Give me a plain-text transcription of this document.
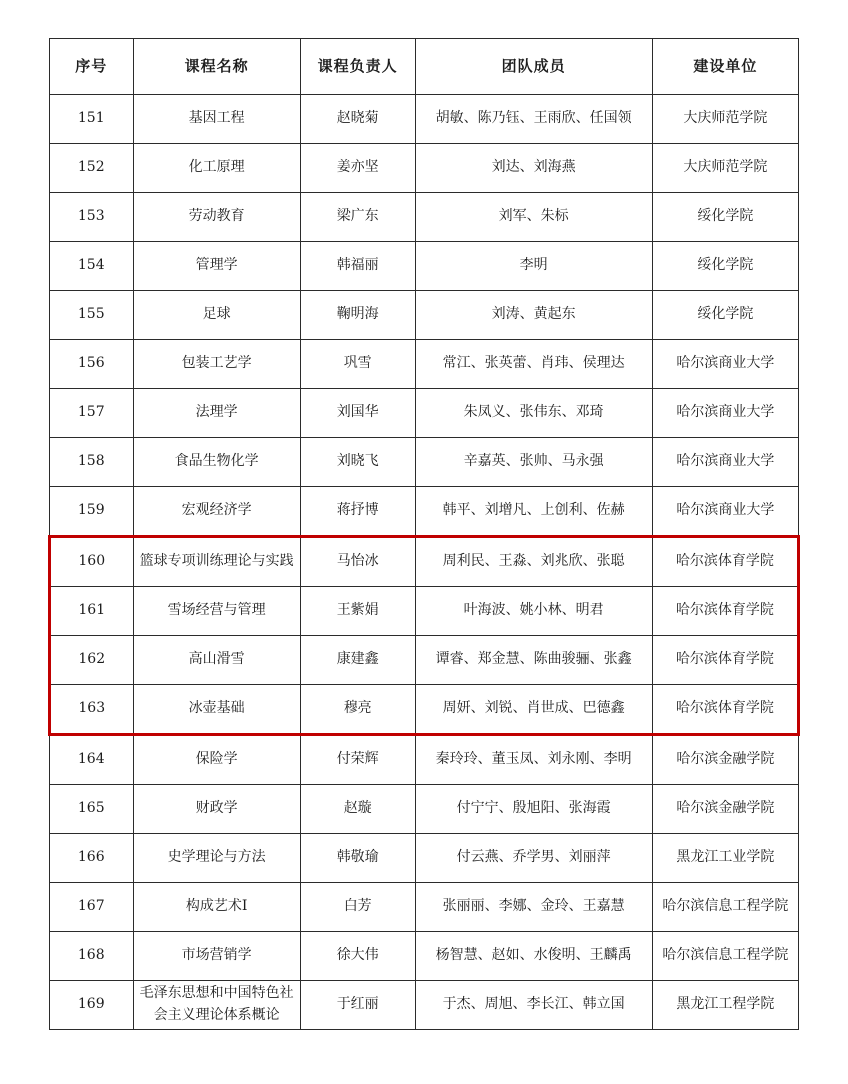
序号	课程名称	课程负责人	团队成员	建设单位
151	基因工程	赵晓菊	胡敏、陈乃钰、王雨欣、任国领	大庆师范学院
152	化工原理	姜亦坚	刘达、刘海燕	大庆师范学院
153	劳动教育	梁广东	刘军、朱标	绥化学院
154	管理学	韩福丽	李明	绥化学院
155	足球	鞠明海	刘涛、黄起东	绥化学院
156	包装工艺学	巩雪	常江、张英蕾、肖玮、侯理达	哈尔滨商业大学
157	法理学	刘国华	朱凤义、张伟东、邓琦	哈尔滨商业大学
158	食品生物化学	刘晓飞	辛嘉英、张帅、马永强	哈尔滨商业大学
159	宏观经济学	蒋抒博	韩平、刘增凡、上创利、佐赫	哈尔滨商业大学
160	篮球专项训练理论与实践	马怡冰	周利民、王淼、刘兆欣、张聪	哈尔滨体育学院
161	雪场经营与管理	王紫娟	叶海波、姚小林、明君	哈尔滨体育学院
162	高山滑雪	康建鑫	谭睿、郑金慧、陈曲骏骊、张鑫	哈尔滨体育学院
163	冰壶基础	穆亮	周妍、刘锐、肖世成、巴德鑫	哈尔滨体育学院
164	保险学	付荣辉	秦玲玲、董玉凤、刘永刚、李明	哈尔滨金融学院
165	财政学	赵璇	付宁宁、殷旭阳、张海霞	哈尔滨金融学院
166	史学理论与方法	韩敬瑜	付云燕、乔学男、刘丽萍	黑龙江工业学院
167	构成艺术Ⅰ	白芳	张丽丽、李娜、金玲、王嘉慧	哈尔滨信息工程学院
168	市场营销学	徐大伟	杨智慧、赵如、水俊明、王麟禹	哈尔滨信息工程学院
169	毛泽东思想和中国特色社会主义理论体系概论	于红丽	于杰、周旭、李长江、韩立国	黑龙江工程学院
